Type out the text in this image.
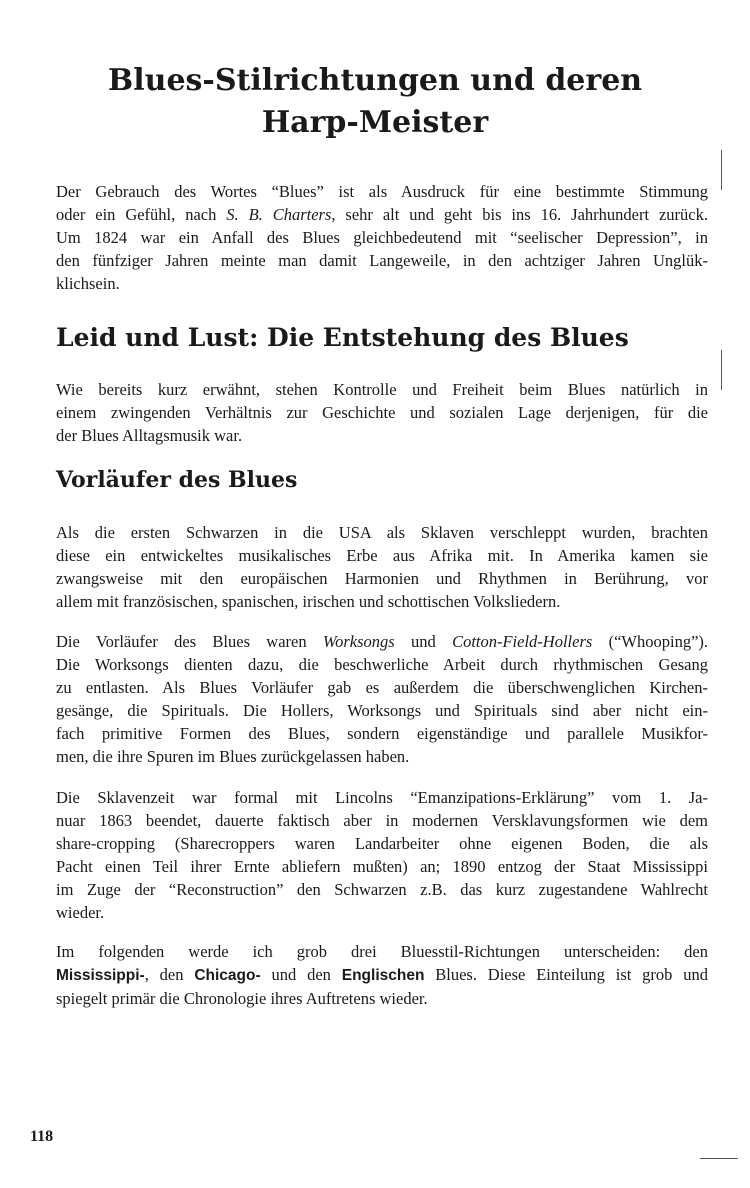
Blues-Stilrichtungen und deren
Harp-Meister

Der Gebrauch des Wortes “Blues” ist als Ausdruck für eine bestimmte Stimmung
oder ein Gefühl, nach S. B. Charters, sehr alt und geht bis ins 16. Jahrhundert zurück.
Um 1824 war ein Anfall des Blues gleichbedeutend mit “seelischer Depression”, in
den fünfziger Jahren meinte man damit Langeweile, in den achtziger Jahren Unglük-
klichsein.

Leid und Lust: Die Entstehung des Blues

Wie bereits kurz erwähnt, stehen Kontrolle und Freiheit beim Blues natürlich in
einem zwingenden Verhältnis zur Geschichte und sozialen Lage derjenigen, für die
der Blues Alltagsmusik war.

Vorläufer des Blues

Als die ersten Schwarzen in die USA als Sklaven verschleppt wurden, brachten
diese ein entwickeltes musikalisches Erbe aus Afrika mit. In Amerika kamen sie
zwangsweise mit den europäischen Harmonien und Rhythmen in Berührung, vor
allem mit französischen, spanischen, irischen und schottischen Volksliedern.

Die Vorläufer des Blues waren Worksongs und Cotton-Field-Hollers (“Whooping”).
Die Worksongs dienten dazu, die beschwerliche Arbeit durch rhythmischen Gesang
zu entlasten. Als Blues Vorläufer gab es außerdem die überschwenglichen Kirchen-
gesänge, die Spirituals. Die Hollers, Worksongs und Spirituals sind aber nicht ein-
fach primitive Formen des Blues, sondern eigenständige und parallele Musikfor-
men, die ihre Spuren im Blues zurückgelassen haben.

Die Sklavenzeit war formal mit Lincolns “Emanzipations-Erklärung” vom 1. Ja-
nuar 1863 beendet, dauerte faktisch aber in modernen Versklavungsformen wie dem
share-cropping (Sharecroppers waren Landarbeiter ohne eigenen Boden, die als
Pacht einen Teil ihrer Ernte abliefern mußten) an; 1890 entzog der Staat Mississippi
im Zuge der “Reconstruction” den Schwarzen z.B. das kurz zugestandene Wahlrecht
wieder.

Im folgenden werde ich grob drei Bluesstil-Richtungen unterscheiden: den
Mississippi-, den Chicago- und den Englischen Blues. Diese Einteilung ist grob und
spiegelt primär die Chronologie ihres Auftretens wieder.

118
